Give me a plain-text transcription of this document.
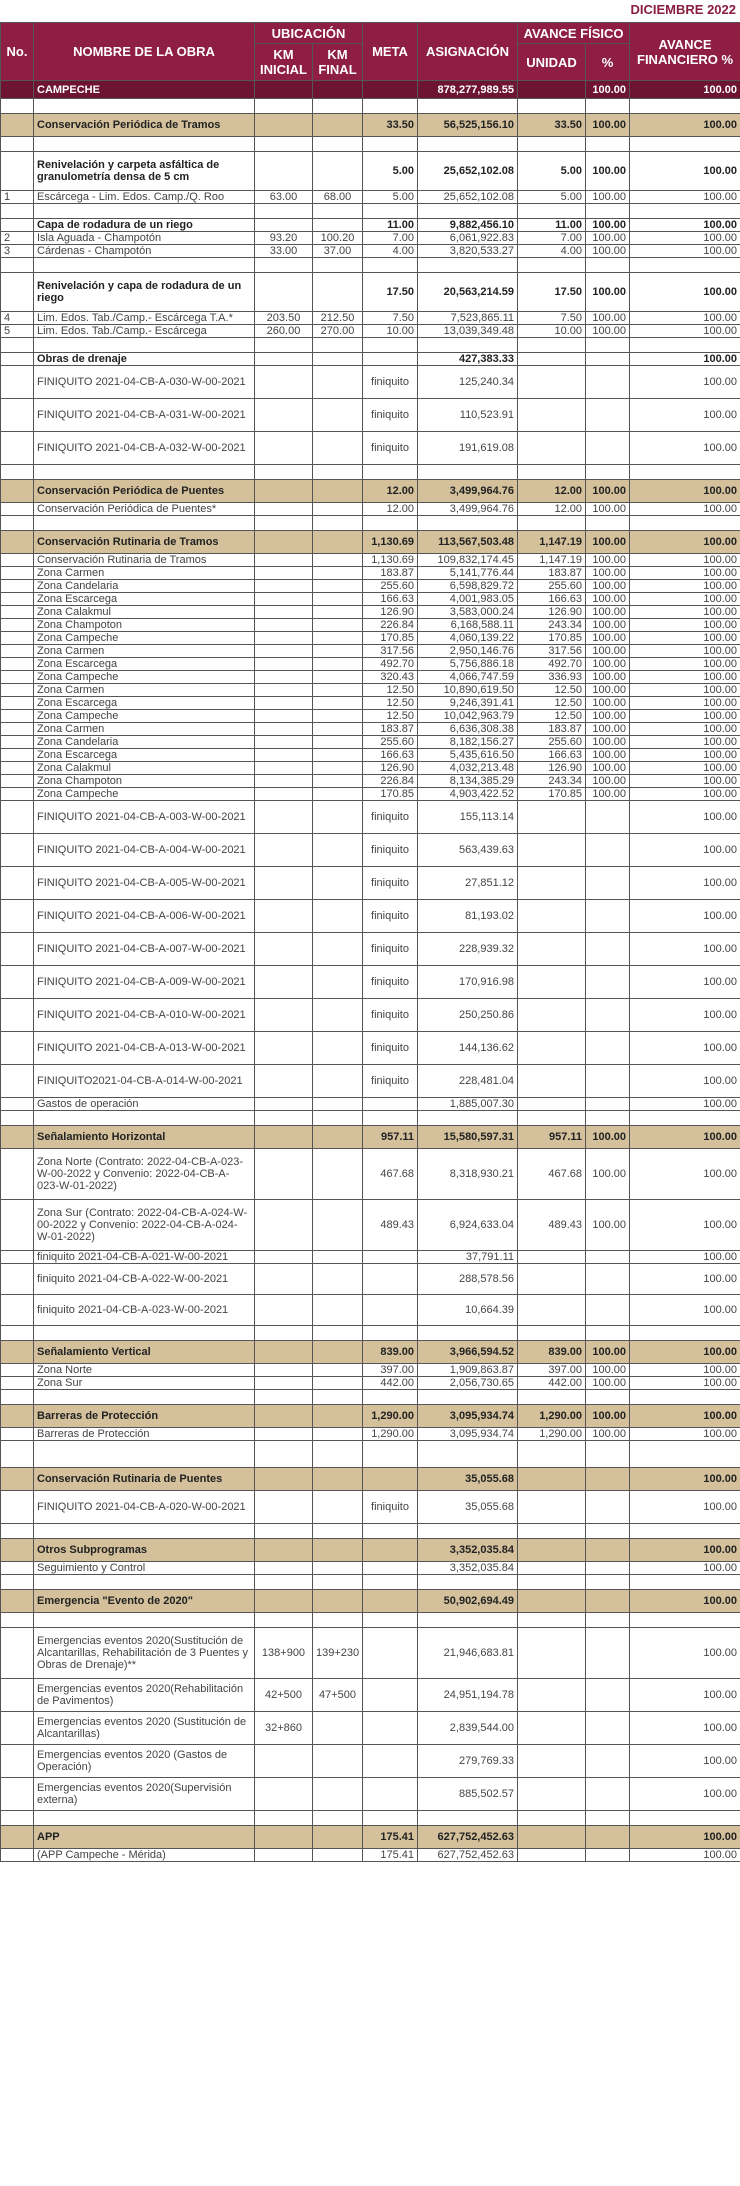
DICIEMBRE 2022
No.	NOMBRE DE LA OBRA	UBICACIÓN		META	ASIGNACIÓN	AVANCE FÍSICO		AVANCE FINANCIERO %
		KM INICIAL	KM FINAL			UNIDAD	%	
	CAMPECHE				878,277,989.55		100.00	100.00

	Conservación Periódica de Tramos			33.50	56,525,156.10	33.50	100.00	100.00

	Renivelación y carpeta asfáltica de granulometría densa de 5 cm			5.00	25,652,102.08	5.00	100.00	100.00
1	Escárcega - Lim. Edos. Camp./Q. Roo	63.00	68.00	5.00	25,652,102.08	5.00	100.00	100.00

	Capa de rodadura de un riego			11.00	9,882,456.10	11.00	100.00	100.00
2	Isla Aguada - Champotón	93.20	100.20	7.00	6,061,922.83	7.00	100.00	100.00
3	Cárdenas - Champotón	33.00	37.00	4.00	3,820,533.27	4.00	100.00	100.00

	Renivelación y capa de rodadura de un riego			17.50	20,563,214.59	17.50	100.00	100.00
4	Lim. Edos. Tab./Camp.- Escárcega T.A.*	203.50	212.50	7.50	7,523,865.11	7.50	100.00	100.00
5	Lim. Edos. Tab./Camp.- Escárcega	260.00	270.00	10.00	13,039,349.48	10.00	100.00	100.00

	Obras de drenaje				427,383.33			100.00
	FINIQUITO 2021-04-CB-A-030-W-00-2021			finiquito	125,240.34			100.00
	FINIQUITO 2021-04-CB-A-031-W-00-2021			finiquito	110,523.91			100.00
	FINIQUITO 2021-04-CB-A-032-W-00-2021			finiquito	191,619.08			100.00

	Conservación Periódica de Puentes			12.00	3,499,964.76	12.00	100.00	100.00
	Conservación Periódica de Puentes*			12.00	3,499,964.76	12.00	100.00	100.00

	Conservación Rutinaria de Tramos			1,130.69	113,567,503.48	1,147.19	100.00	100.00
	Conservación Rutinaria de Tramos			1,130.69	109,832,174.45	1,147.19	100.00	100.00
	Zona Carmen			183.87	5,141,776.44	183.87	100.00	100.00
	Zona Candelaria			255.60	6,598,829.72	255.60	100.00	100.00
	Zona Escarcega			166.63	4,001,983.05	166.63	100.00	100.00
	Zona Calakmul			126.90	3,583,000.24	126.90	100.00	100.00
	Zona Champoton			226.84	6,168,588.11	243.34	100.00	100.00
	Zona Campeche			170.85	4,060,139.22	170.85	100.00	100.00
	Zona Carmen			317.56	2,950,146.76	317.56	100.00	100.00
	Zona Escarcega			492.70	5,756,886.18	492.70	100.00	100.00
	Zona Campeche			320.43	4,066,747.59	336.93	100.00	100.00
	Zona Carmen			12.50	10,890,619.50	12.50	100.00	100.00
	Zona Escarcega			12.50	9,246,391.41	12.50	100.00	100.00
	Zona Campeche			12.50	10,042,963.79	12.50	100.00	100.00
	Zona Carmen			183.87	6,636,308.38	183.87	100.00	100.00
	Zona Candelaria			255.60	8,182,156.27	255.60	100.00	100.00
	Zona Escarcega			166.63	5,435,616.50	166.63	100.00	100.00
	Zona Calakmul			126.90	4,032,213.48	126.90	100.00	100.00
	Zona Champoton			226.84	8,134,385.29	243.34	100.00	100.00
	Zona Campeche			170.85	4,903,422.52	170.85	100.00	100.00
	FINIQUITO 2021-04-CB-A-003-W-00-2021			finiquito	155,113.14			100.00
	FINIQUITO 2021-04-CB-A-004-W-00-2021			finiquito	563,439.63			100.00
	FINIQUITO 2021-04-CB-A-005-W-00-2021			finiquito	27,851.12			100.00
	FINIQUITO 2021-04-CB-A-006-W-00-2021			finiquito	81,193.02			100.00
	FINIQUITO 2021-04-CB-A-007-W-00-2021			finiquito	228,939.32			100.00
	FINIQUITO 2021-04-CB-A-009-W-00-2021			finiquito	170,916.98			100.00
	FINIQUITO 2021-04-CB-A-010-W-00-2021			finiquito	250,250.86			100.00
	FINIQUITO 2021-04-CB-A-013-W-00-2021			finiquito	144,136.62			100.00
	FINIQUITO2021-04-CB-A-014-W-00-2021			finiquito	228,481.04			100.00
	Gastos de operación				1,885,007.30			100.00

	Señalamiento Horizontal			957.11	15,580,597.31	957.11	100.00	100.00
	Zona Norte (Contrato: 2022-04-CB-A-023-W-00-2022 y Convenio: 2022-04-CB-A-023-W-01-2022)			467.68	8,318,930.21	467.68	100.00	100.00
	Zona Sur (Contrato: 2022-04-CB-A-024-W-00-2022 y Convenio: 2022-04-CB-A-024-W-01-2022)			489.43	6,924,633.04	489.43	100.00	100.00
	finiquito 2021-04-CB-A-021-W-00-2021				37,791.11			100.00
	finiquito 2021-04-CB-A-022-W-00-2021				288,578.56			100.00
	finiquito 2021-04-CB-A-023-W-00-2021				10,664.39			100.00

	Señalamiento Vertical			839.00	3,966,594.52	839.00	100.00	100.00
	Zona Norte			397.00	1,909,863.87	397.00	100.00	100.00
	Zona Sur			442.00	2,056,730.65	442.00	100.00	100.00

	Barreras de Protección			1,290.00	3,095,934.74	1,290.00	100.00	100.00
	Barreras de Protección			1,290.00	3,095,934.74	1,290.00	100.00	100.00

	Conservación Rutinaria de Puentes				35,055.68			100.00
	FINIQUITO 2021-04-CB-A-020-W-00-2021			finiquito	35,055.68			100.00

	Otros Subprogramas				3,352,035.84			100.00
	Seguimiento y Control				3,352,035.84			100.00

	Emergencia "Evento de 2020"				50,902,694.49			100.00

	Emergencias eventos 2020(Sustitución de Alcantarillas, Rehabilitación de 3 Puentes y Obras de Drenaje)**	138+900	139+230		21,946,683.81			100.00
	Emergencias eventos 2020(Rehabilitación de Pavimentos)	42+500	47+500		24,951,194.78			100.00
	Emergencias eventos 2020 (Sustitución de Alcantarillas)	32+860			2,839,544.00			100.00
	Emergencias eventos 2020 (Gastos de Operación)				279,769.33			100.00
	Emergencias eventos 2020(Supervisión externa)				885,502.57			100.00

	APP			175.41	627,752,452.63			100.00
	(APP Campeche - Mérida)			175.41	627,752,452.63			100.00
